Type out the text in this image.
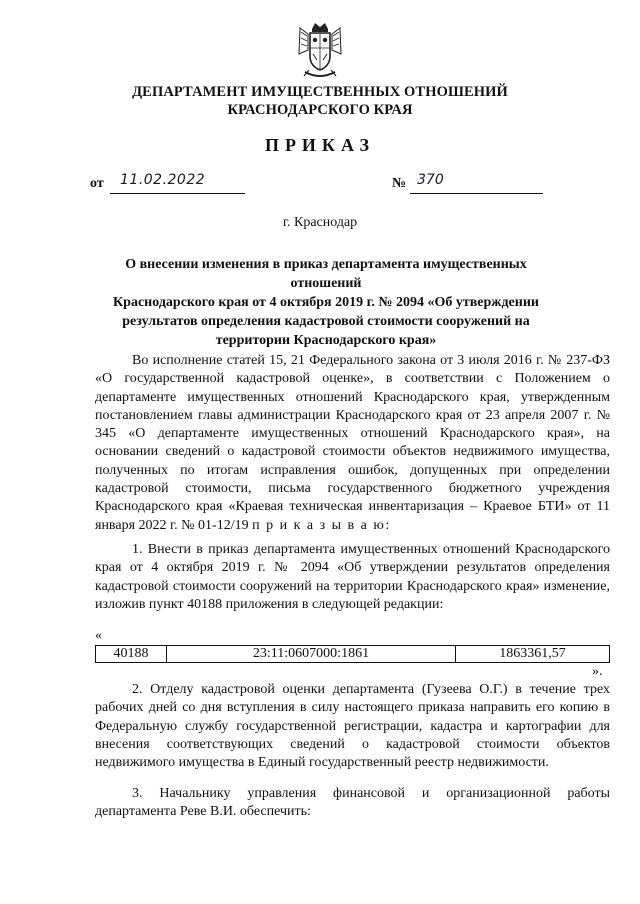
ДЕПАРТАМЕНТ ИМУЩЕСТВЕННЫХ ОТНОШЕНИЙ
КРАСНОДАРСКОГО КРАЯ
ПРИКАЗ
от 11.02.2022	№ 370
г. Краснодар
О внесении изменения в приказ департамента имущественных отношений
Краснодарского края от 4 октября 2019 г. № 2094 «Об утверждении
результатов определения кадастровой стоимости сооружений на
территории Краснодарского края»
Во исполнение статей 15, 21 Федерального закона от 3 июля 2016 г. № 237-ФЗ «О государственной кадастровой оценке», в соответствии с Положением о департаменте имущественных отношений Краснодарского края, утвержденным постановлением главы администрации Краснодарского края от 23 апреля 2007 г. № 345 «О департаменте имущественных отношений Краснодарского края», на основании сведений о кадастровой стоимости объектов недвижимого имущества, полученных по итогам исправления ошибок, допущенных при определении кадастровой стоимости, письма государственного бюджетного учреждения Краснодарского края «Краевая техническая инвентаризация – Краевое БТИ» от 11 января 2022 г. № 01-12/19 п р и к а з ы в а ю:
1. Внести в приказ департамента имущественных отношений Краснодарского края от 4 октября 2019 г. № 2094 «Об утверждении результатов определения кадастровой стоимости сооружений на территории Краснодарского края» изменение, изложив пункт 40188 приложения в следующей редакции:
«
40188	23:11:0607000:1861	1863361,57
».
2. Отделу кадастровой оценки департамента (Гузеева О.Г.) в течение трех рабочих дней со дня вступления в силу настоящего приказа направить его копию в Федеральную службу государственной регистрации, кадастра и картографии для внесения соответствующих сведений о кадастровой стоимости объектов недвижимого имущества в Единый государственный реестр недвижимости.
3. Начальнику управления финансовой и организационной работы департамента Реве В.И. обеспечить:
